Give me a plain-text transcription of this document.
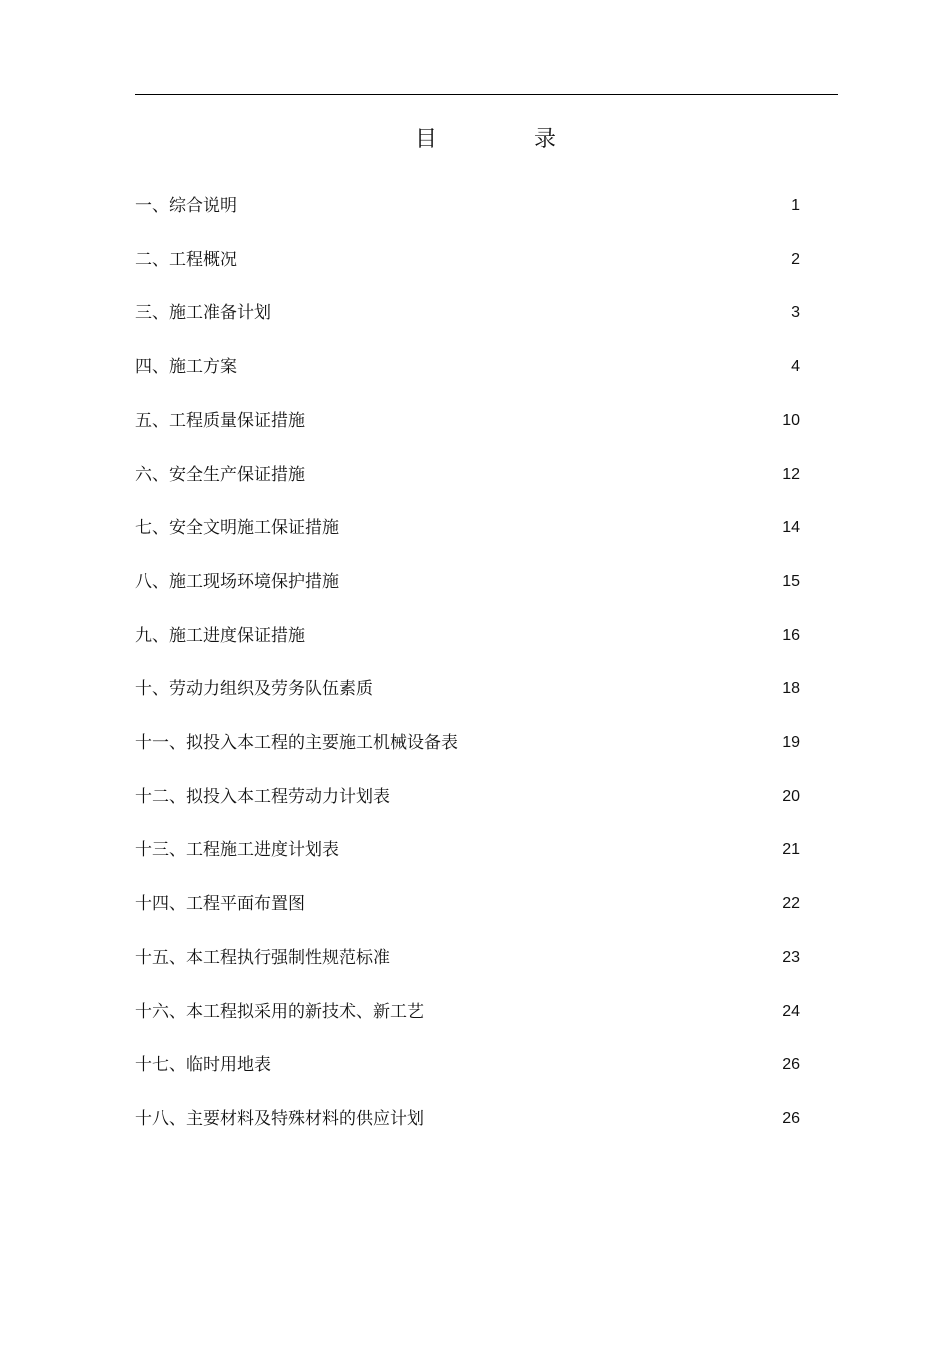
目	录
一、综合说明	1
二、工程概况	2
三、施工准备计划	3
四、施工方案	4
五、工程质量保证措施	10
六、安全生产保证措施	12
七、安全文明施工保证措施	14
八、施工现场环境保护措施	15
九、施工进度保证措施	16
十、劳动力组织及劳务队伍素质	18
十一、拟投入本工程的主要施工机械设备表	19
十二、拟投入本工程劳动力计划表	20
十三、工程施工进度计划表	21
十四、工程平面布置图	22
十五、本工程执行强制性规范标准	23
十六、本工程拟采用的新技术、新工艺	24
十七、临时用地表	26
十八、主要材料及特殊材料的供应计划	26
